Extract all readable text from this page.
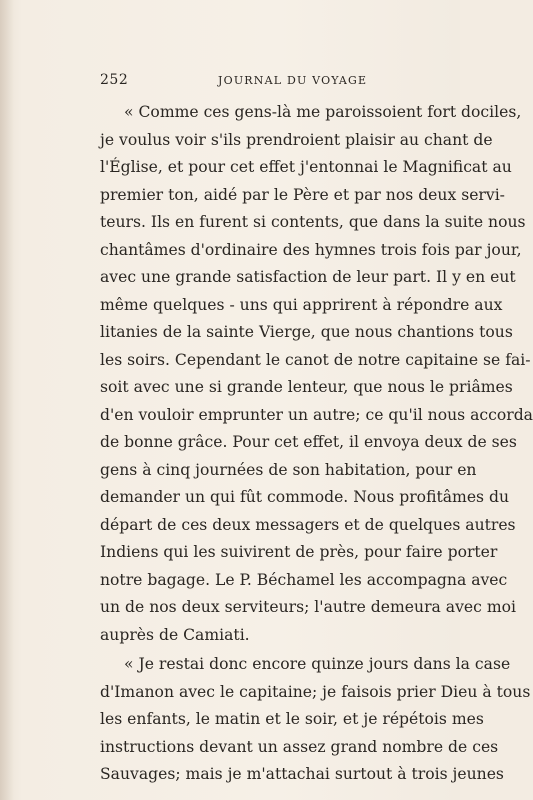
252	JOURNAL DU VOYAGE
« Comme ces gens-là me paroissoient fort dociles,
je voulus voir s'ils prendroient plaisir au chant de
l'Église, et pour cet effet j'entonnai le Magnificat au
premier ton, aidé par le Père et par nos deux servi-
teurs. Ils en furent si contents, que dans la suite nous
chantâmes d'ordinaire des hymnes trois fois par jour,
avec une grande satisfaction de leur part. Il y en eut
même quelques - uns qui apprirent à répondre aux
litanies de la sainte Vierge, que nous chantions tous
les soirs. Cependant le canot de notre capitaine se fai-
soit avec une si grande lenteur, que nous le priâmes
d'en vouloir emprunter un autre; ce qu'il nous accorda
de bonne grâce. Pour cet effet, il envoya deux de ses
gens à cinq journées de son habitation, pour en
demander un qui fût commode. Nous profitâmes du
départ de ces deux messagers et de quelques autres
Indiens qui les suivirent de près, pour faire porter
notre bagage. Le P. Béchamel les accompagna avec
un de nos deux serviteurs; l'autre demeura avec moi
auprès de Camiati.
« Je restai donc encore quinze jours dans la case
d'Imanon avec le capitaine; je faisois prier Dieu à tous
les enfants, le matin et le soir, et je répétois mes
instructions devant un assez grand nombre de ces
Sauvages; mais je m'attachai surtout à trois jeunes
